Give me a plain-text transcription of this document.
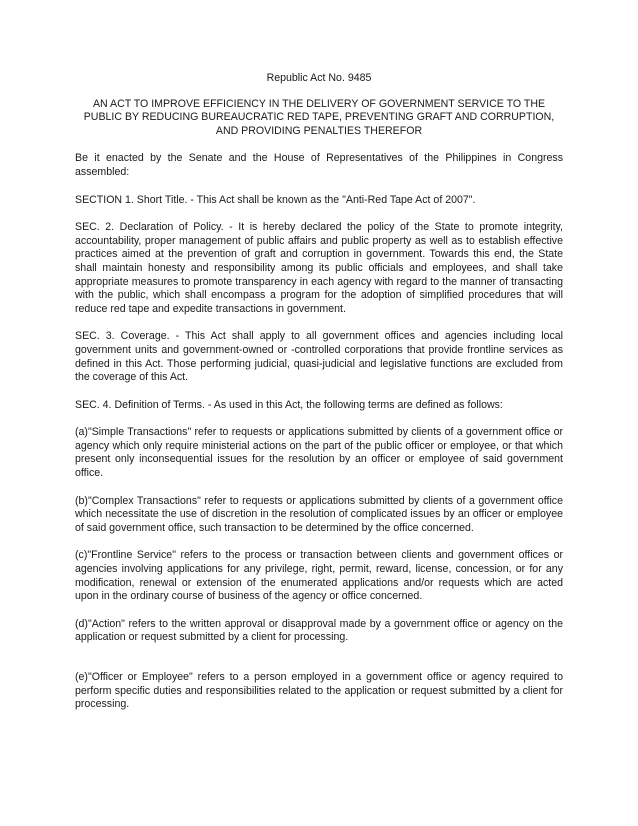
Republic Act No. 9485
AN ACT TO IMPROVE EFFICIENCY IN THE DELIVERY OF GOVERNMENT SERVICE TO THE PUBLIC BY REDUCING BUREAUCRATIC RED TAPE, PREVENTING GRAFT AND CORRUPTION, AND PROVIDING PENALTIES THEREFOR

Be it enacted by the Senate and the House of Representatives of the Philippines in Congress assembled:

SECTION 1. Short Title. - This Act shall be known as the "Anti-Red Tape Act of 2007".

SEC. 2. Declaration of Policy. - It is hereby declared the policy of the State to promote integrity, accountability, proper management of public affairs and public property as well as to establish effective practices aimed at the prevention of graft and corruption in government. Towards this end, the State shall maintain honesty and responsibility among its public officials and employees, and shall take appropriate measures to promote transparency in each agency with regard to the manner of transacting with the public, which shall encompass a program for the adoption of simplified procedures that will reduce red tape and expedite transactions in government.

SEC. 3. Coverage. - This Act shall apply to all government offices and agencies including local government units and government-owned or -controlled corporations that provide frontline services as defined in this Act. Those performing judicial, quasi-judicial and legislative functions are excluded from the coverage of this Act.

SEC. 4. Definition of Terms. - As used in this Act, the following terms are defined as follows:

(a)"Simple Transactions" refer to requests or applications submitted by clients of a government office or agency which only require ministerial actions on the part of the public officer or employee, or that which present only inconsequential issues for the resolution by an officer or employee of said government office.

(b)"Complex Transactions" refer to requests or applications submitted by clients of a government office which necessitate the use of discretion in the resolution of complicated issues by an officer or employee of said government office, such transaction to be determined by the office concerned.

(c)"Frontline Service" refers to the process or transaction between clients and government offices or agencies involving applications for any privilege, right, permit, reward, license, concession, or for any modification, renewal or extension of the enumerated applications and/or requests which are acted upon in the ordinary course of business of the agency or office concerned.

(d)"Action" refers to the written approval or disapproval made by a government office or agency on the application or request submitted by a client for processing.

(e)"Officer or Employee" refers to a person employed in a government office or agency required to perform specific duties and responsibilities related to the application or request submitted by a client for processing.
